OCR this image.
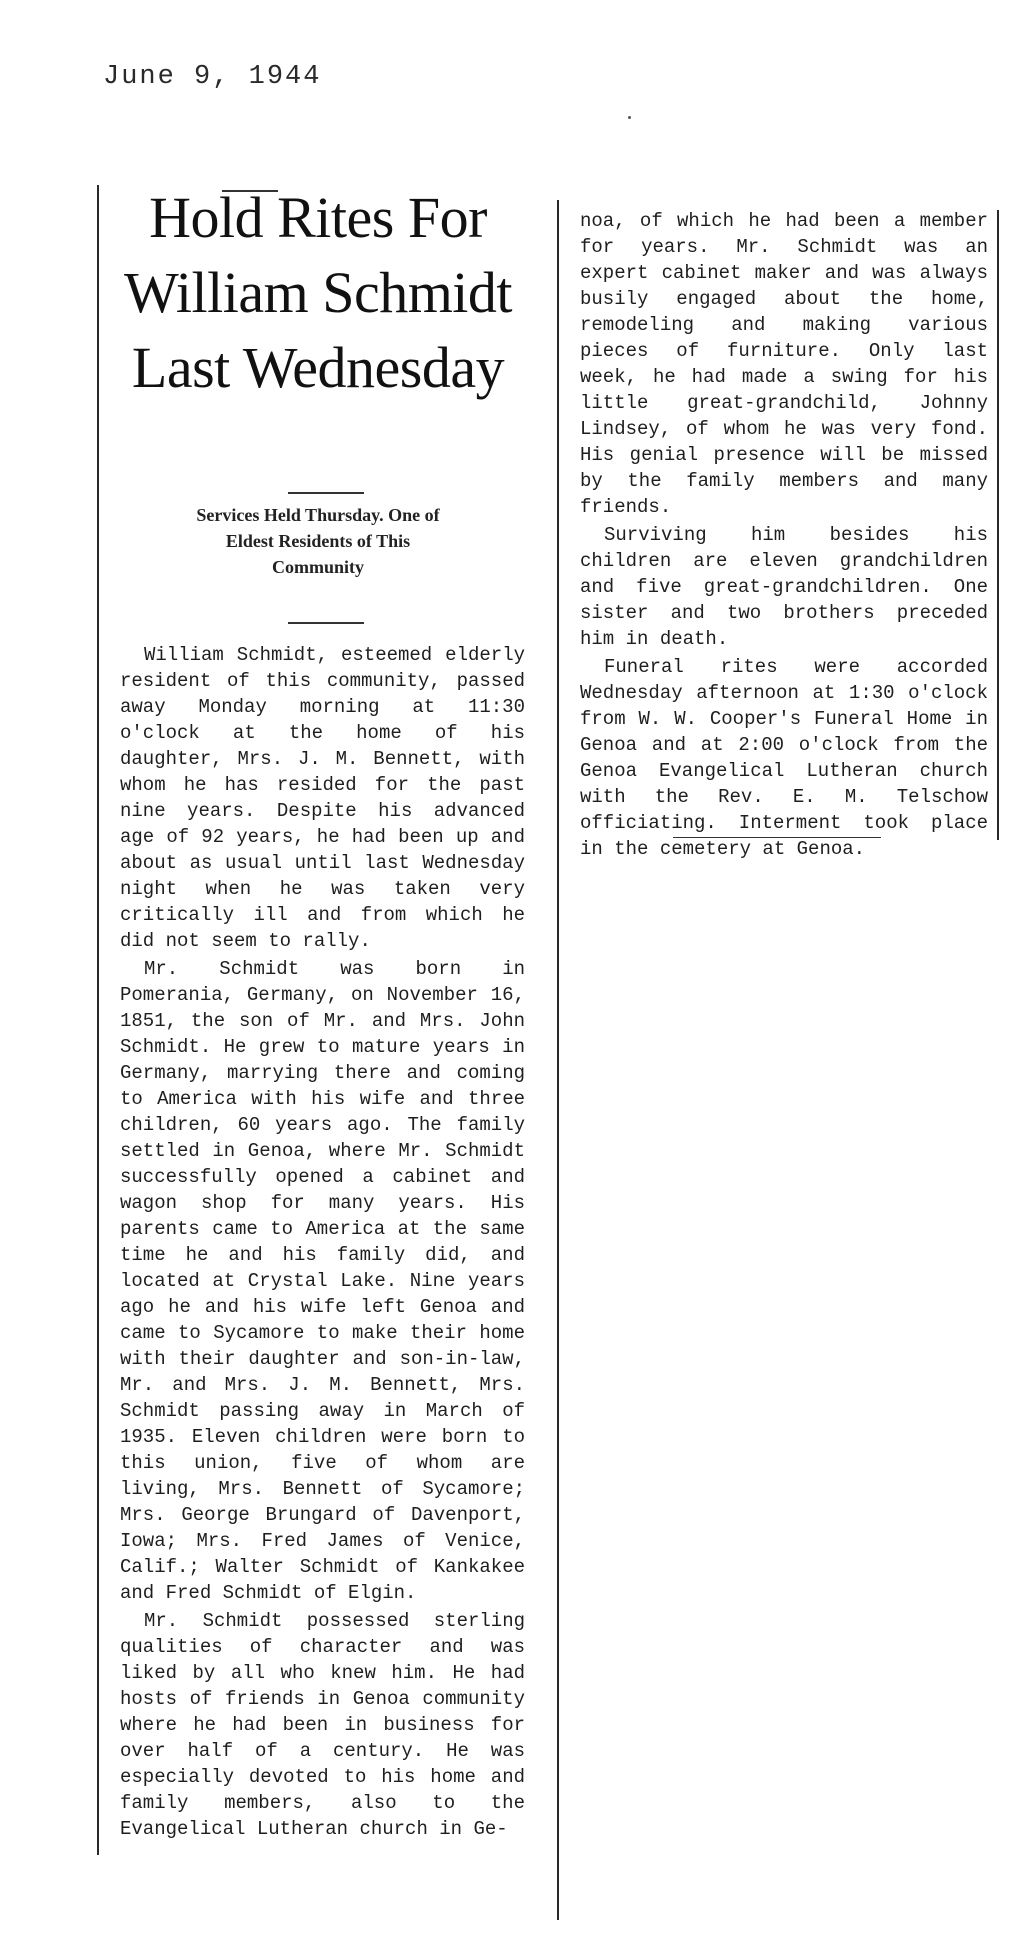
June 9, 1944
Hold Rites For
William Schmidt
Last Wednesday
Services Held Thursday. One of
Eldest Residents of This
Community

William Schmidt, esteemed elderly resident of this community, passed away Monday morning at 11:30 o'clock at the home of his daughter, Mrs. J. M. Bennett, with whom he has resided for the past nine years. Despite his advanced age of 92 years, he had been up and about as usual until last Wednesday night when he was taken very critically ill and from which he did not seem to rally.

Mr. Schmidt was born in Pomerania, Germany, on November 16, 1851, the son of Mr. and Mrs. John Schmidt. He grew to mature years in Germany, marrying there and coming to America with his wife and three children, 60 years ago. The family settled in Genoa, where Mr. Schmidt successfully opened a cabinet and wagon shop for many years. His parents came to America at the same time he and his family did, and located at Crystal Lake. Nine years ago he and his wife left Genoa and came to Sycamore to make their home with their daughter and son-in-law, Mr. and Mrs. J. M. Bennett, Mrs. Schmidt passing away in March of 1935. Eleven children were born to this union, five of whom are living, Mrs. Bennett of Sycamore; Mrs. George Brungard of Davenport, Iowa; Mrs. Fred James of Venice, Calif.; Walter Schmidt of Kankakee and Fred Schmidt of Elgin.

Mr. Schmidt possessed sterling qualities of character and was liked by all who knew him. He had hosts of friends in Genoa community where he had been in business for over half of a century. He was especially devoted to his home and family members, also to the Evangelical Lutheran church in Ge-

noa, of which he had been a member for years. Mr. Schmidt was an expert cabinet maker and was always busily engaged about the home, remodeling and making various pieces of furniture. Only last week, he had made a swing for his little great-grandchild, Johnny Lindsey, of whom he was very fond. His genial presence will be missed by the family members and many friends.

Surviving him besides his children are eleven grandchildren and five great-grandchildren. One sister and two brothers preceded him in death.

Funeral rites were accorded Wednesday afternoon at 1:30 o'clock from W. W. Cooper's Funeral Home in Genoa and at 2:00 o'clock from the Genoa Evangelical Lutheran church with the Rev. E. M. Telschow officiating. Interment took place in the cemetery at Genoa.
